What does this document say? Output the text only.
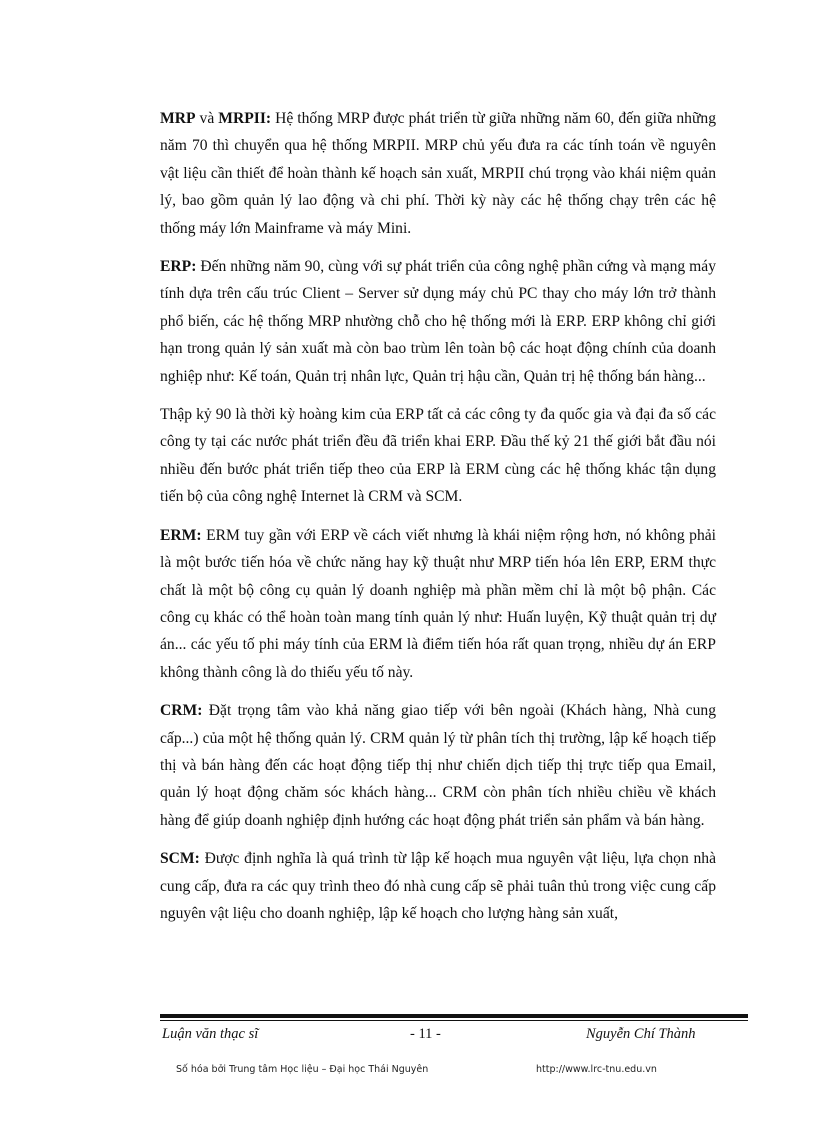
MRP và MRPII: Hệ thống MRP được phát triển từ giữa những năm 60, đến giữa những năm 70 thì chuyển qua hệ thống MRPII. MRP chủ yếu đưa ra các tính toán về nguyên vật liệu cần thiết để hoàn thành kế hoạch sản xuất, MRPII chú trọng vào khái niệm quản lý, bao gồm quản lý lao động và chi phí. Thời kỳ này các hệ thống chạy trên các hệ thống máy lớn Mainframe và máy Mini.

ERP: Đến những năm 90, cùng với sự phát triển của công nghệ phần cứng và mạng máy tính dựa trên cấu trúc Client – Server sử dụng máy chủ PC thay cho máy lớn trở thành phổ biến, các hệ thống MRP nhường chỗ cho hệ thống mới là ERP. ERP không chỉ giới hạn trong quản lý sản xuất mà còn bao trùm lên toàn bộ các hoạt động chính của doanh nghiệp như: Kế toán, Quản trị nhân lực, Quản trị hậu cần, Quản trị hệ thống bán hàng...

Thập kỷ 90 là thời kỳ hoàng kim của ERP tất cả các công ty đa quốc gia và đại đa số các công ty tại các nước phát triển đều đã triển khai ERP. Đầu thế kỷ 21 thế giới bắt đầu nói nhiều đến bước phát triển tiếp theo của ERP là ERM cùng các hệ thống khác tận dụng tiến bộ của công nghệ Internet là CRM và SCM.

ERM: ERM tuy gần với ERP về cách viết nhưng là khái niệm rộng hơn, nó không phải là một bước tiến hóa về chức năng hay kỹ thuật như MRP tiến hóa lên ERP, ERM thực chất là một bộ công cụ quản lý doanh nghiệp mà phần mềm chỉ là một bộ phận. Các công cụ khác có thể hoàn toàn mang tính quản lý như: Huấn luyện, Kỹ thuật quản trị dự án... các yếu tố phi máy tính của ERM là điểm tiến hóa rất quan trọng, nhiều dự án ERP không thành công là do thiếu yếu tố này.

CRM: Đặt trọng tâm vào khả năng giao tiếp với bên ngoài (Khách hàng, Nhà cung cấp...) của một hệ thống quản lý. CRM quản lý từ phân tích thị trường, lập kế hoạch tiếp thị và bán hàng đến các hoạt động tiếp thị như chiến dịch tiếp thị trực tiếp qua Email, quản lý hoạt động chăm sóc khách hàng... CRM còn phân tích nhiều chiều về khách hàng để giúp doanh nghiệp định hướng các hoạt động phát triển sản phẩm và bán hàng.

SCM: Được định nghĩa là quá trình từ lập kế hoạch mua nguyên vật liệu, lựa chọn nhà cung cấp, đưa ra các quy trình theo đó nhà cung cấp sẽ phải tuân thủ trong việc cung cấp nguyên vật liệu cho doanh nghiệp, lập kế hoạch cho lượng hàng sản xuất,

Luận văn thạc sĩ	- 11 -	Nguyễn Chí Thành
Số hóa bởi Trung tâm Học liệu – Đại học Thái Nguyên	http://www.lrc-tnu.edu.vn
